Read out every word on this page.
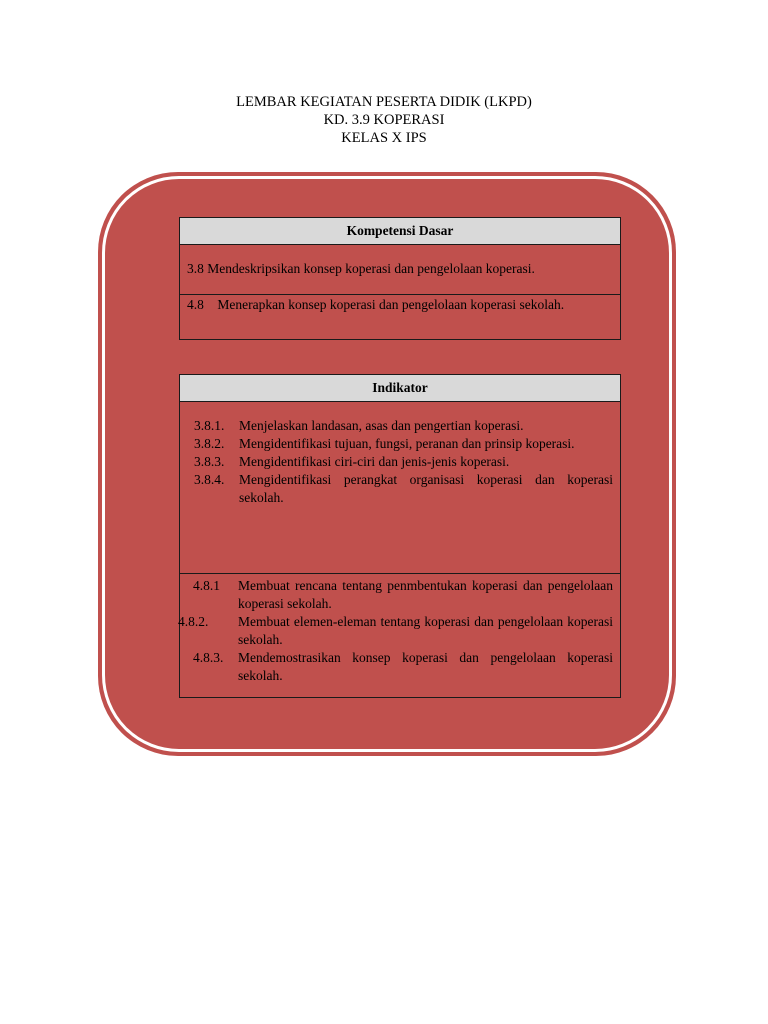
LEMBAR KEGIATAN PESERTA DIDIK (LKPD)
KD. 3.9 KOPERASI
KELAS X IPS
Kompetensi Dasar
3.8 Mendeskripsikan konsep koperasi dan pengelolaan koperasi.
4.8    Menerapkan konsep koperasi dan pengelolaan koperasi sekolah.
Indikator
3.8.1. Menjelaskan landasan, asas dan pengertian koperasi.
3.8.2. Mengidentifikasi tujuan, fungsi, peranan dan prinsip koperasi.
3.8.3. Mengidentifikasi ciri-ciri dan jenis-jenis koperasi.
3.8.4. Mengidentifikasi perangkat organisasi koperasi dan koperasi sekolah.
4.8.1 Membuat rencana tentang penmbentukan koperasi dan pengelolaan koperasi sekolah.
4.8.2. Membuat elemen-eleman tentang koperasi dan pengelolaan koperasi sekolah.
4.8.3. Mendemostrasikan konsep koperasi dan pengelolaan koperasi sekolah.
